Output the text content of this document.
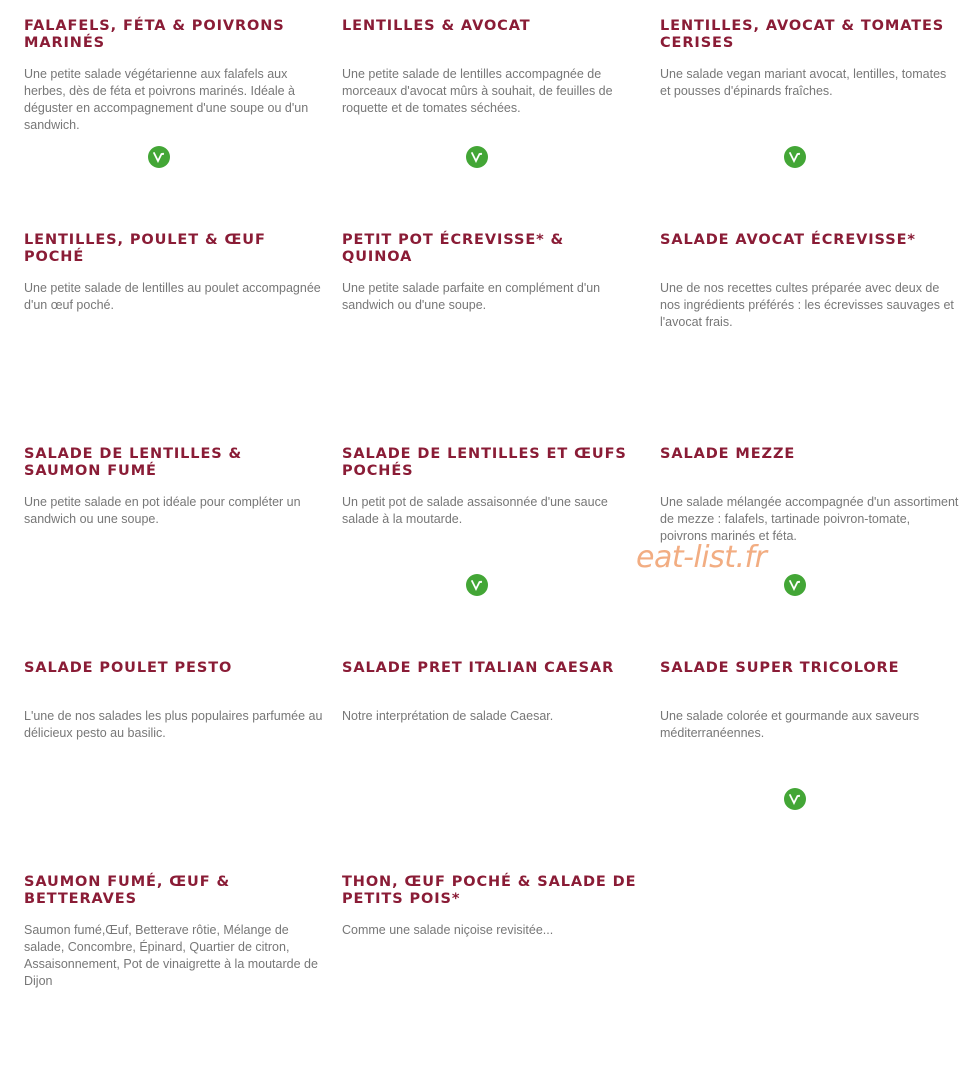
FALAFELS, FÉTA & POIVRONS MARINÉS

Une petite salade végétarienne aux falafels aux herbes, dès de féta et poivrons marinés. Idéale à déguster en accompagnement d'une soupe ou d'un sandwich.

LENTILLES & AVOCAT

Une petite salade de lentilles accompagnée de morceaux d'avocat mûrs à souhait, de feuilles de roquette et de tomates séchées.

LENTILLES, AVOCAT & TOMATES CERISES

Une salade vegan mariant avocat, lentilles, tomates et pousses d'épinards fraîches.

LENTILLES, POULET & ŒUF POCHÉ

Une petite salade de lentilles au poulet accompagnée d'un œuf poché.

PETIT POT ÉCREVISSE* & QUINOA

Une petite salade parfaite en complément d'un sandwich ou d'une soupe.

SALADE AVOCAT ÉCREVISSE*

Une de nos recettes cultes préparée avec deux de nos ingrédients préférés : les écrevisses sauvages et l'avocat frais.

SALADE DE LENTILLES & SAUMON FUMÉ

Une petite salade en pot idéale pour compléter un sandwich ou une soupe.

SALADE DE LENTILLES ET ŒUFS POCHÉS

Un petit pot de salade assaisonnée d'une sauce salade à la moutarde.

SALADE MEZZE

Une salade mélangée accompagnée d'un assortiment de mezze : falafels, tartinade poivron-tomate, poivrons marinés et féta.

SALADE POULET PESTO

L'une de nos salades les plus populaires parfumée au délicieux pesto au basilic.

SALADE PRET ITALIAN CAESAR

Notre interprétation de salade Caesar.

SALADE SUPER TRICOLORE

Une salade colorée et gourmande aux saveurs méditerranéennes.

SAUMON FUMÉ, ŒUF & BETTERAVES

Saumon fumé,Œuf, Betterave rôtie, Mélange de salade, Concombre, Épinard, Quartier de citron, Assaisonnement, Pot de vinaigrette à la moutarde de Dijon

THON, ŒUF POCHÉ & SALADE DE PETITS POIS*

Comme une salade niçoise revisitée...

eat-list.fr
